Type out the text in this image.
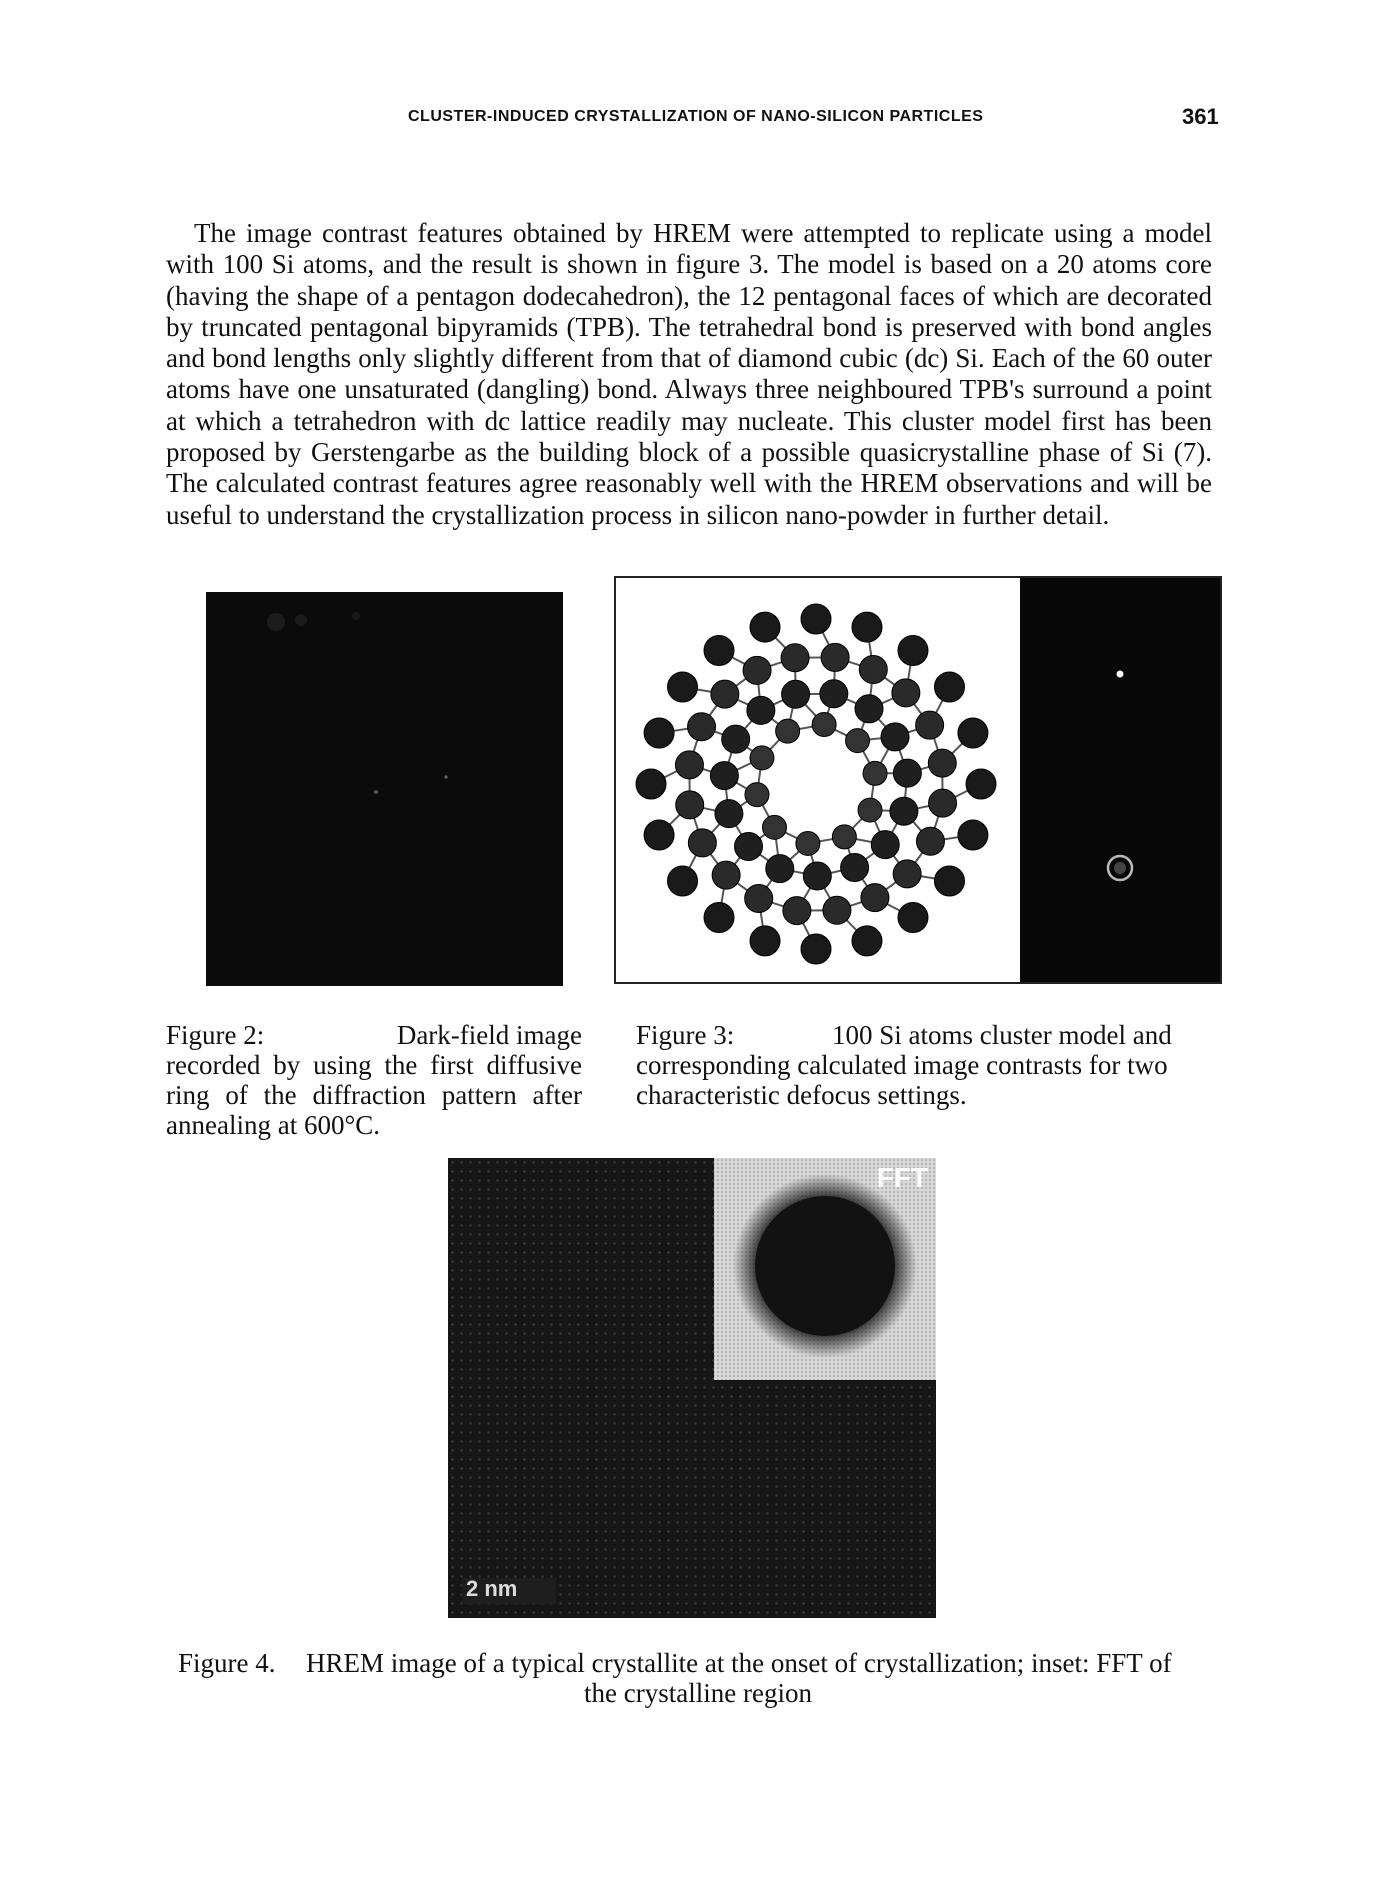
CLUSTER-INDUCED CRYSTALLIZATION OF NANO-SILICON PARTICLES	361
The image contrast features obtained by HREM were attempted to replicate using a model with 100 Si atoms, and the result is shown in figure 3. The model is based on a 20 atoms core (having the shape of a pentagon dodecahedron), the 12 pentagonal faces of which are decorated by truncated pentagonal bipyramids (TPB). The tetrahedral bond is preserved with bond angles and bond lengths only slightly different from that of diamond cubic (dc) Si. Each of the 60 outer atoms have one unsaturated (dangling) bond. Always three neighboured TPB's surround a point at which a tetrahedron with dc lattice readily may nucleate. This cluster model first has been proposed by Gerstengarbe as the building block of a possible quasicrystalline phase of Si (7). The calculated contrast features agree reasonably well with the HREM observations and will be useful to understand the crystallization process in silicon nano-powder in further detail.
Figure 2:	Dark-field image
recorded by using the first diffusive ring of the diffraction pattern after annealing at 600°C.
Figure 3:	100 Si atoms cluster model and
corresponding calculated image contrasts for two characteristic defocus settings.
FFT
2 nm
Figure 4.	HREM image of a typical crystallite at the onset of crystallization; inset: FFT of
the crystalline region
